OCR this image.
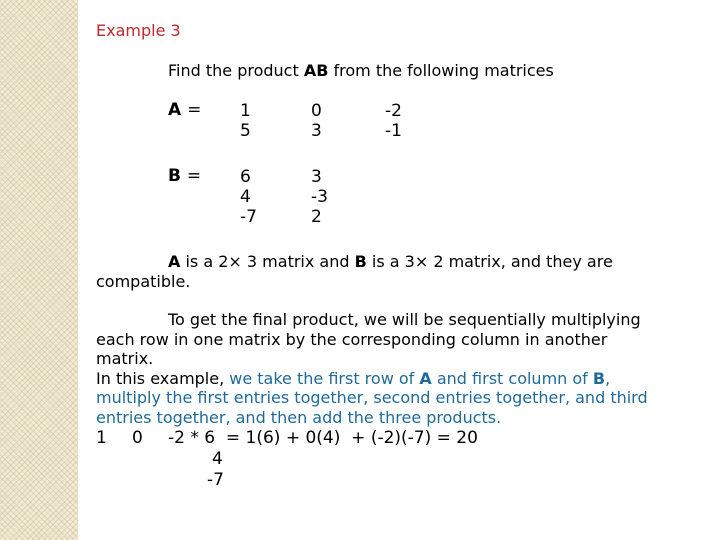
Example 3
Find the product AB from the following matrices
A = 1
5
0
3
-2
-1
B = 6
4
-7
3
-3
2
A is a 2× 3 matrix and B is a 3× 2 matrix, and they are
compatible.
To get the final product, we will be sequentially multiplying
each row in one matrix by the corresponding column in another matrix.
In this example, we take the first row of A and first column of B,
multiply the first entries together, second entries together, and third
entries together, and then add the three products.
1 0 -2 * 6  = 1(6) + 0(4)  + (-2)(-7) = 20
4
-7
